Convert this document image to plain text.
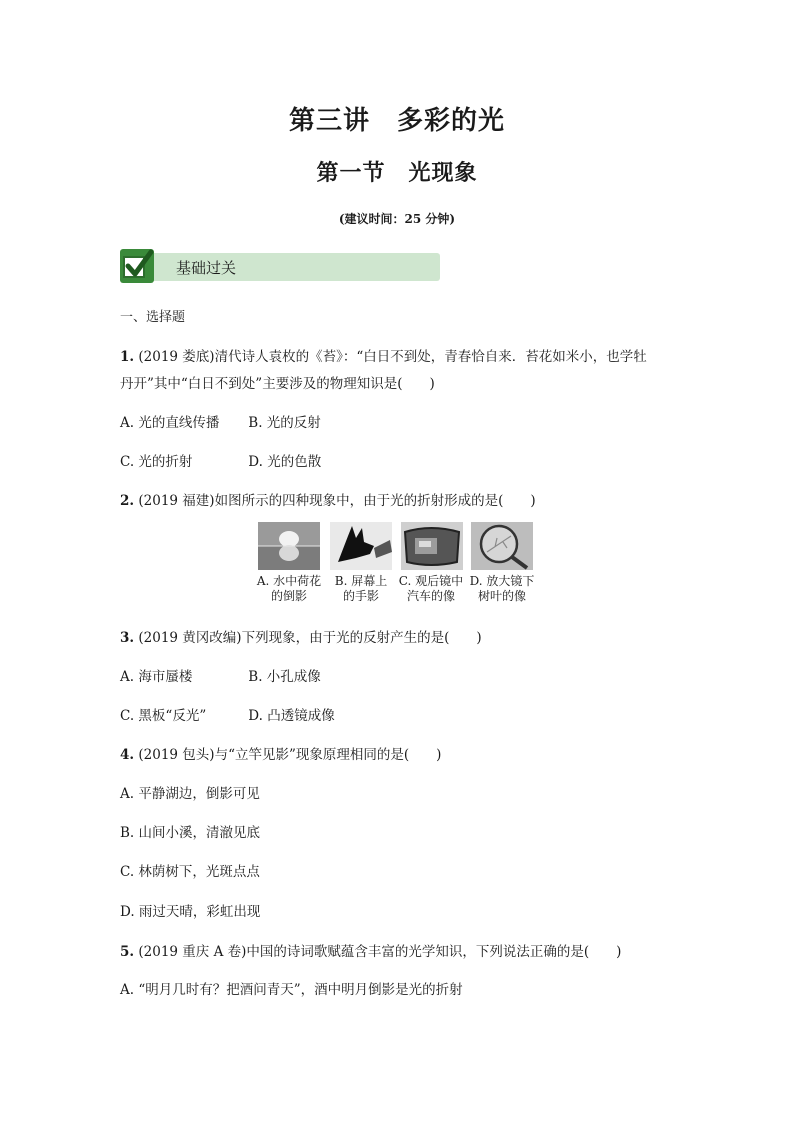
第三讲　多彩的光
第一节　光现象
(建议时间：25 分钟)
基础过关
一、选择题
1. (2019 娄底)清代诗人袁枚的《苔》：“白日不到处，青春恰自来．苔花如米小，也学牡
丹开”其中“白日不到处”主要涉及的物理知识是(　　)
A. 光的直线传播 B. 光的反射
C. 光的折射	D. 光的色散
2. (2019 福建)如图所示的四种现象中，由于光的折射形成的是(　　)
A. 水中荷花
的倒影
B. 屏幕上
的手影
C. 观后镜中
汽车的像
D. 放大镜下
树叶的像
3. (2019 黄冈改编)下列现象，由于光的反射产生的是(　　)
A. 海市蜃楼	B. 小孔成像
C. 黑板“反光”	D. 凸透镜成像
4. (2019 包头)与“立竿见影”现象原理相同的是(　　)
A. 平静湖边，倒影可见
B. 山间小溪，清澈见底
C. 林荫树下，光斑点点
D. 雨过天晴，彩虹出现
5. (2019 重庆 A 卷)中国的诗词歌赋蕴含丰富的光学知识，下列说法正确的是(　　)
A. “明月几时有？把酒问青天”，酒中明月倒影是光的折射
